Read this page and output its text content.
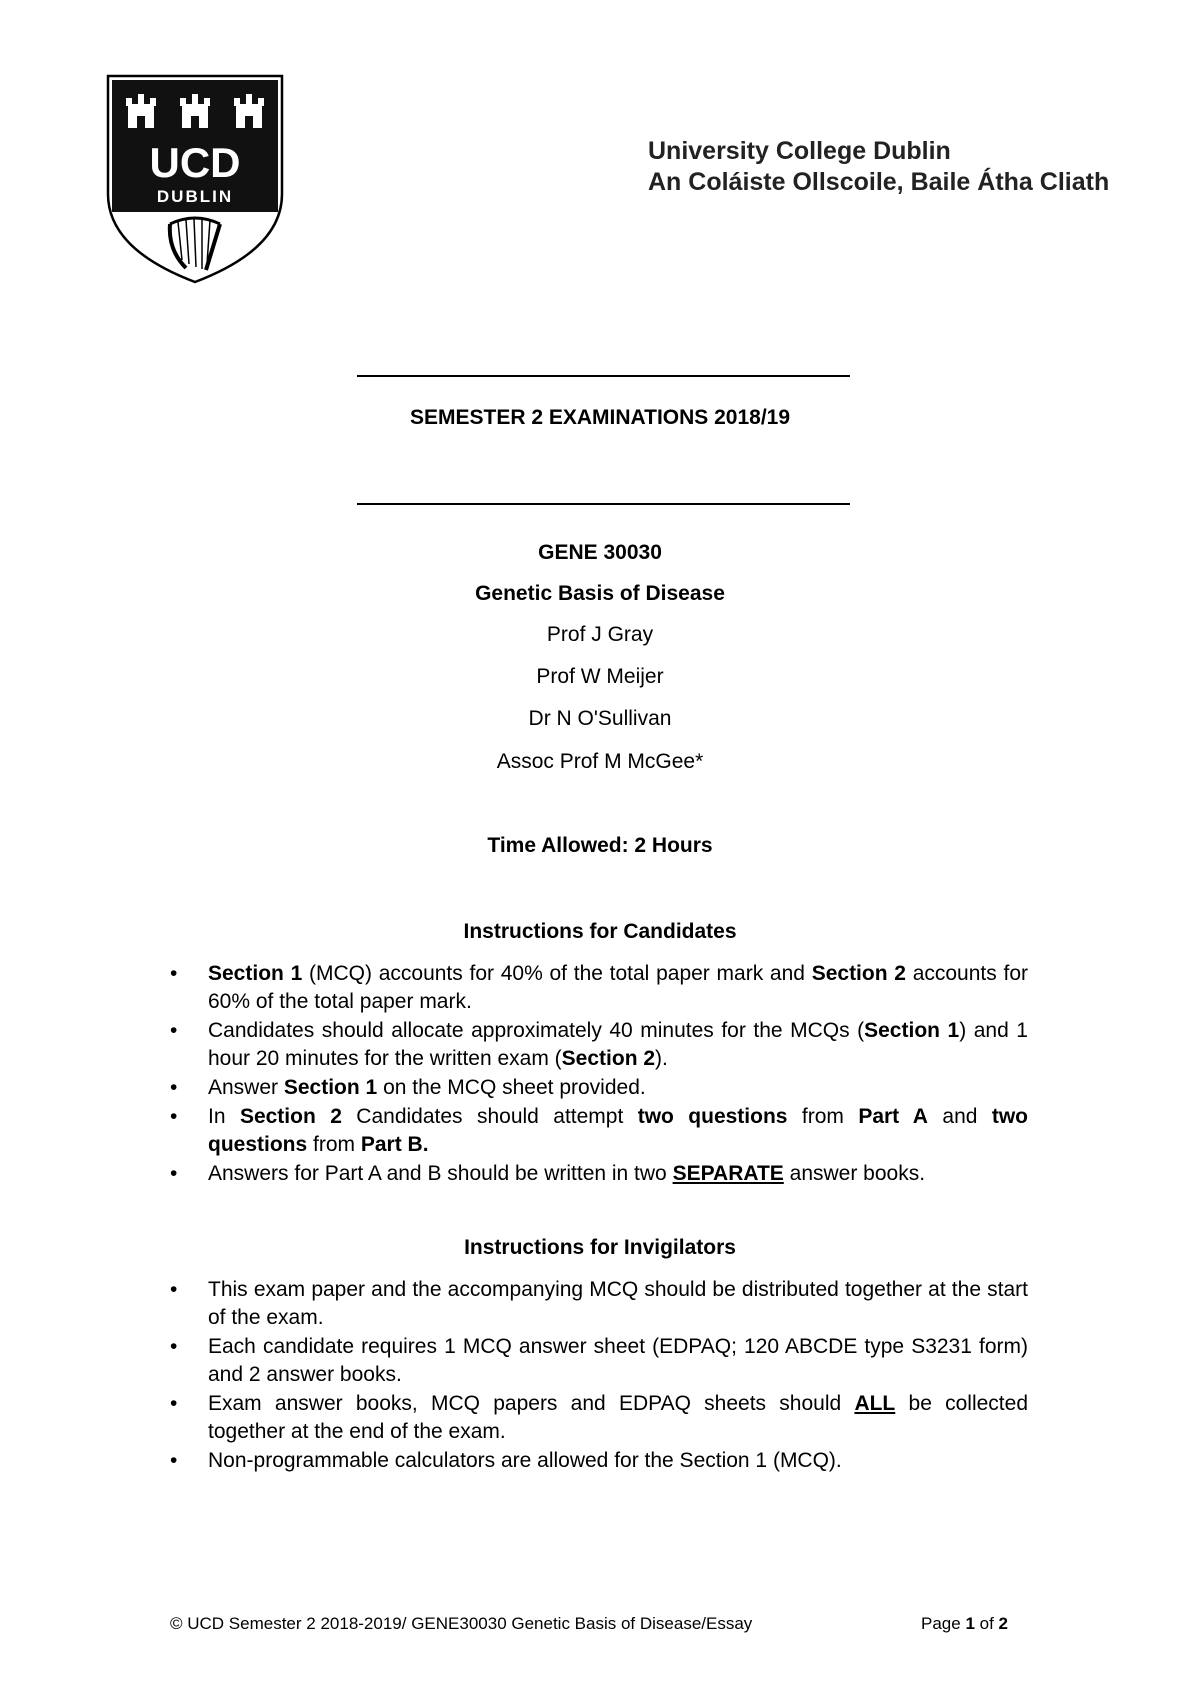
UCD
DUBLIN
University College Dublin
An Coláiste Ollscoile, Baile Átha Cliath
SEMESTER 2 EXAMINATIONS 2018/19
GENE 30030
Genetic Basis of Disease
Prof J Gray
Prof W Meijer
Dr N O'Sullivan
Assoc Prof M McGee*
Time Allowed: 2 Hours
Instructions for Candidates
• Section 1 (MCQ) accounts for 40% of the total paper mark and Section 2 accounts for 60% of the total paper mark.
• Candidates should allocate approximately 40 minutes for the MCQs (Section 1) and 1 hour 20 minutes for the written exam (Section 2).
• Answer Section 1 on the MCQ sheet provided.
• In Section 2 Candidates should attempt two questions from Part A and two questions from Part B.
• Answers for Part A and B should be written in two SEPARATE answer books.
Instructions for Invigilators
• This exam paper and the accompanying MCQ should be distributed together at the start of the exam.
• Each candidate requires 1 MCQ answer sheet (EDPAQ; 120 ABCDE type S3231 form) and 2 answer books.
• Exam answer books, MCQ papers and EDPAQ sheets should ALL be collected together at the end of the exam.
• Non-programmable calculators are allowed for the Section 1 (MCQ).
© UCD Semester 2 2018-2019/ GENE30030 Genetic Basis of Disease/Essay	Page 1 of 2
